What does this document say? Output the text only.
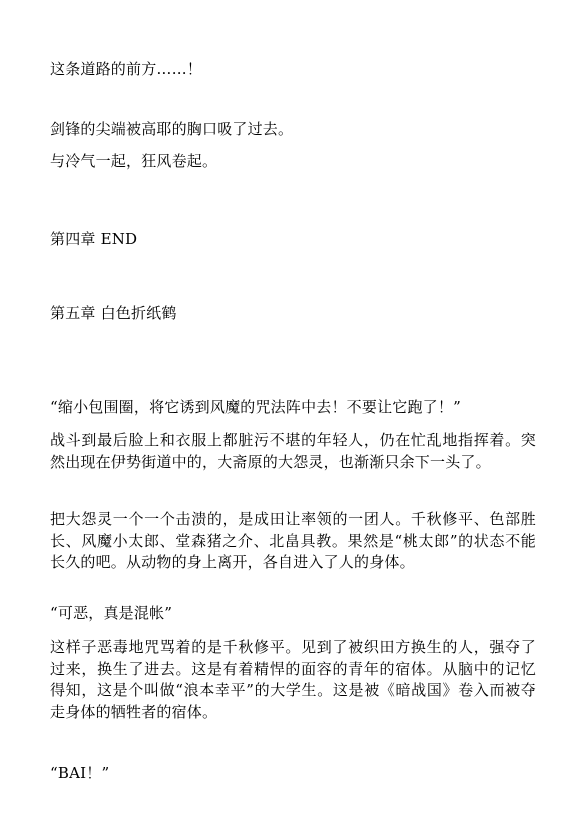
这条道路的前方……！

剑锋的尖端被高耶的胸口吸了过去。

与冷气一起，狂风卷起。

第四章 END

第五章 白色折纸鹤

“缩小包围圈，将它诱到风魔的咒法阵中去！不要让它跑了！”

战斗到最后脸上和衣服上都脏污不堪的年轻人，仍在忙乱地指挥着。突然出现在伊势街道中的，大斋原的大怨灵，也渐渐只余下一头了。

把大怨灵一个一个击溃的，是成田让率领的一团人。千秋修平、色部胜长、风魔小太郎、堂森猪之介、北畠具教。果然是“桃太郎”的状态不能长久的吧。从动物的身上离开，各自进入了人的身体。

“可恶，真是混帐”

这样子恶毒地咒骂着的是千秋修平。见到了被织田方换生的人，强夺了过来，换生了进去。这是有着精悍的面容的青年的宿体。从脑中的记忆得知，这是个叫做“浪本幸平”的大学生。这是被《暗战国》卷入而被夺走身体的牺牲者的宿体。

“BAI！”
